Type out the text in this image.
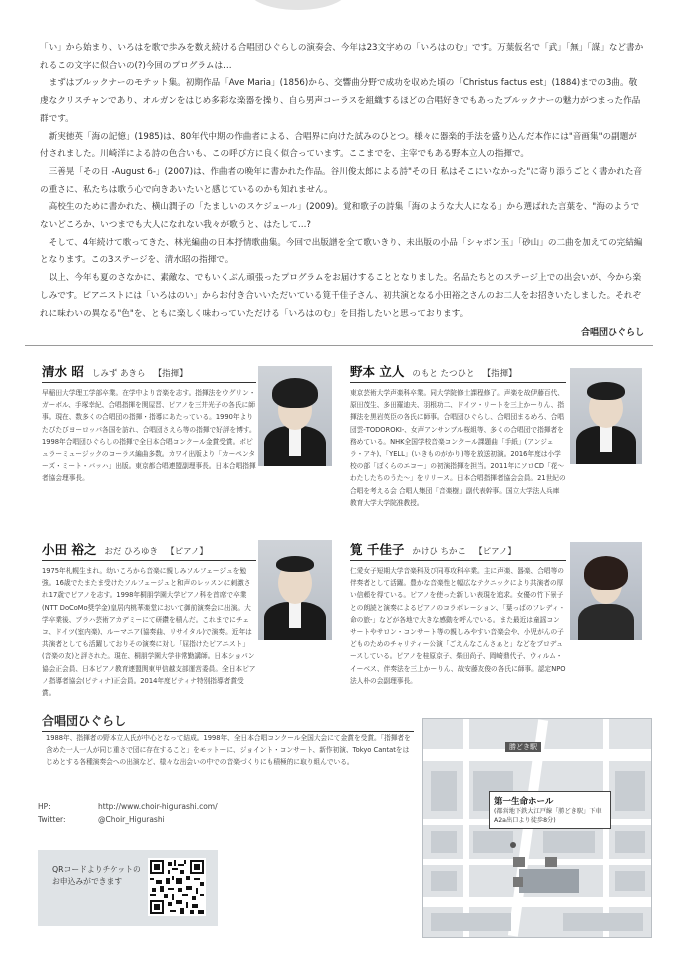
「い」から始まり、いろはを歌で歩みを数え続ける合唱団ひぐらしの演奏会、今年は23文字めの「いろはのむ」です。万葉仮名で「武」「無」「謀」など書かれるこの文字に似合いの(?)今回のプログラムは…

まずはブルックナーのモテット集。初期作品「Ave Maria」(1856)から、交響曲分野で成功を収めた頃の「Christus factus est」(1884)までの3曲。敬虔なクリスチャンであり、オルガンをはじめ多彩な楽器を操り、自ら男声コーラスを組織するほどの合唱好きでもあったブルックナーの魅力がつまった作品群です。

新実徳英「海の記憶」(1985)は、80年代中期の作曲者による、合唱界に向けた試みのひとつ。様々に器楽的手法を盛り込んだ本作には"音画集"の副題が付されました。川崎洋による詩の色合いも、この呼び方に良く似合っています。ここまでを、主宰でもある野本立人の指揮で。

三善晃「その日 -August 6-」(2007)は、作曲者の晩年に書かれた作品。谷川俊太郎による詩"その日 私はそこにいなかった"に寄り添うごとく書かれた音の重さに、私たちは歌う心で向きあいたいと感じているのかも知れません。

高校生のために書かれた、横山潤子の「たましいのスケジュール」(2009)。覚和歌子の詩集「海のような大人になる」から選ばれた言葉を、"海のようでないどころか、いつまでも大人になれない我々が歌うと、はたして…?

そして、4年続けて歌ってきた、林光編曲の日本抒情歌曲集。今回で出版譜を全て歌いきり、未出版の小品「シャボン玉」「砂山」の二曲を加えての完結編となります。この3ステージを、清水昭の指揮で。

以上、今年も夏のさなかに、素敵な、でもいくぶん頑張ったプログラムをお届けすることとなりました。名品たちとのステージ上での出会いが、今から楽しみです。ピアニストには「いろはのい」からお付き合いいただいている筧千佳子さん、初共演となる小田裕之さんのお二人をお招きいたしました。それぞれに味わいの異なる"色"を、ともに楽しく味わっていただける「いろはのむ」を目指したいと思っております。

合唱団ひぐらし

清水 昭 しみず あきら 【指揮】
早稲田大学理工学部卒業。在学中より音楽を志す。指揮法をウグリン・ガーボル、手塚幸紀、合唱指揮を関屋晋、ピアノを三井光子の各氏に師事。現在、数多くの合唱団の指揮・指導にあたっている。1990年よりたびたびヨーロッパ各国を訪れ、合唱団さえら等の指揮で好評を博す。1998年合唱団ひぐらしの指揮で全日本合唱コンクール金賞受賞。ポピュラーミュージックのコーラス編曲多数。カワイ出版より「カーペンターズ・ミート・バッハ」出版。東京都合唱連盟副理事長。日本合唱指揮者協会理事長。
野本 立人 のもと たつひと 【指揮】
東京芸術大学声楽科卒業。同大学院修士課程修了。声楽を故伊藤百代、原田茂生、多田羅迪夫、羽根功二、ドイツ・リートを三上かーりん、指揮法を黒岩英臣の各氏に師事。合唱団ひぐらし、合唱団まるめろ、合唱団雲-TODOROKI-、女声アンサンブル桜組等、多くの合唱団で指揮者を務めている。NHK全国学校音楽コンクール課題曲「手紙」(アンジェラ・アキ)、「YELL」(いきものがかり)等を放送初演。2016年度は小学校の部「ぼくらのエコー」の初演指揮を担当。2011年にソロCD「花〜わたしたちのうた〜」をリリース。日本合唱指揮者協会会員。21世紀の合唱を考える会 合唱人集団「音楽樹」副代表幹事。国立大学法人兵庫教育大学大学院准教授。
小田 裕之 おだ ひろゆき 【ピアノ】
1975年札幌生まれ。幼いころから音楽に親しみソルフェージュを勉強。16歳でたまたま受けたソルフェージュと和声のレッスンに刺激され17歳でピアノを志す。1998年桐朋学園大学ピアノ科を首席で卒業(NTT DoCoMo奨学金)皇居内桃華楽堂において御前演奏会に出演。大学卒業後、ブラハ芸術アカデミーにて研鑽を積んだ。これまでにチェコ、ドイツ(室内楽)、ルーマニア(協奏曲、リサイタル)で演奏。近年は共演者としても活躍しておりその演奏に対し「屈指けたピアニスト」(音楽の友)と評された。現在、桐朋学園大学非常勤講師。日本ショパン協会正会員、日本ピアノ教育連盟関東甲信越支部運営委員。全日本ピアノ指導者協会(ピティナ)正会員。2014年度ピティナ特別指導者賞受賞。
筧 千佳子 かけひ ちかこ 【ピアノ】
仁愛女子短期大学音楽科及び同専攻科卒業。主に声楽、器楽、合唱等の伴奏者として活躍。豊かな音楽性と幅広なテクニックにより共演者の厚い信頼を得ている。ピアノを使った新しい表現を追求。女優の竹下景子との朗読と演奏によるピアノのコラボレーション、「葉っぱのフレディ -命の旅-」などが各地で大きな感動を呼んでいる。また最近は童謡コンサートやサロン・コンサート等の親しみやすい音楽会や、小児がんの子どものためのチャリティー公演「ごえんなこんさぁと」などをプロデュースしている。ピアノを桂原京子、柴田尚子、岡崎鼎代子、ウィルム・イーベス、伴奏法を三上かーりん、故安藤友俊の各氏に師事。認定NPO法人朴の会副理事長。
合唱団ひぐらし
1988年、指揮者の野本立人氏が中心となって結成。1998年、全日本合唱コンクール全国大会にて金賞を受賞。「指揮者を含めた一人一人が同じ重さで団に存在すること」をモットーに、ジョイント・コンサート、新作初演、Tokyo Cantatをはじめとする各種演奏会への出演など、様々な出会いの中での音楽づくりにも積極的に取り組んでいる。
HP:	http://www.choir-higurashi.com/
Twitter:	@Choir_Higurashi
QRコードよりチケットのお申込みができます
勝どき駅
第一生命ホール
(都営地下鉄大江戸線「勝どき駅」下車 A2a出口より徒歩8分)
